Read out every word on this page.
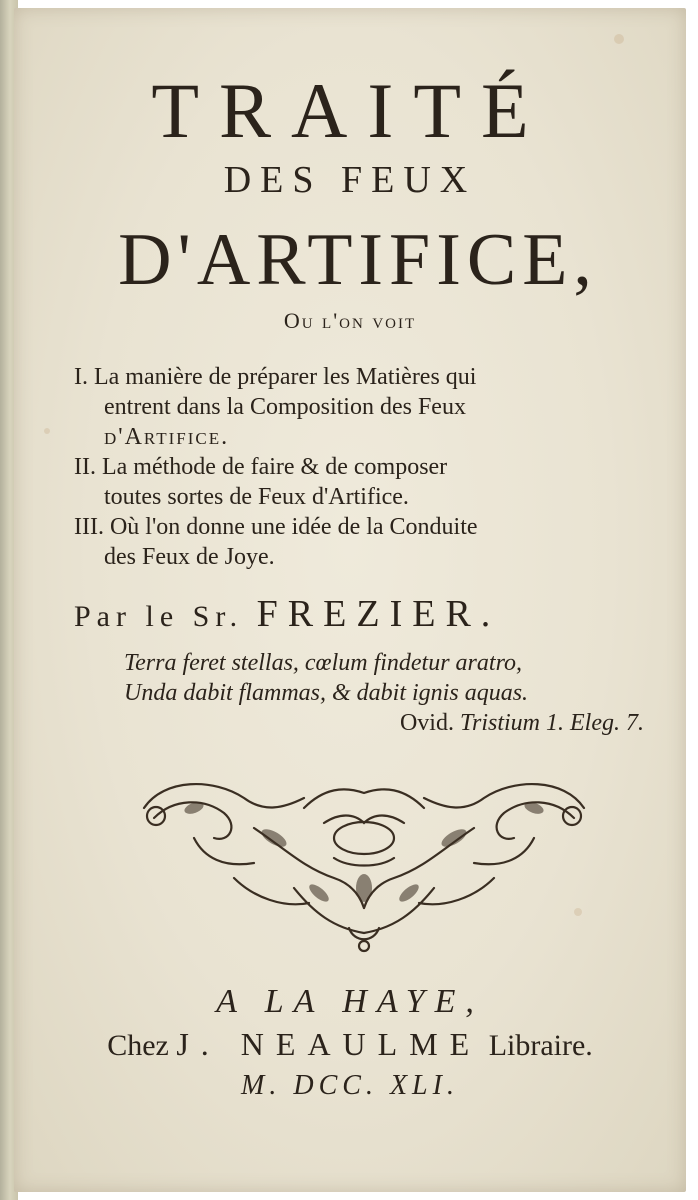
TRAITÉ
DES FEUX
D'ARTIFICE,
Ou l'on voit
I. La manière de préparer les Matières qui
entrent dans la Composition des Feux
d'Artifice.
II. La méthode de faire & de composer
toutes sortes de Feux d'Artifice.
III. Où l'on donne une idée de la Conduite
des Feux de Joye.
Par le Sr. FREZIER.
Terra feret stellas, cœlum findetur aratro,
Unda dabit flammas, & dabit ignis aquas.
Ovid. Tristium 1. Eleg. 7.
A LA HAYE,
Chez J. NEAULME Libraire.
M. DCC. XLI.
